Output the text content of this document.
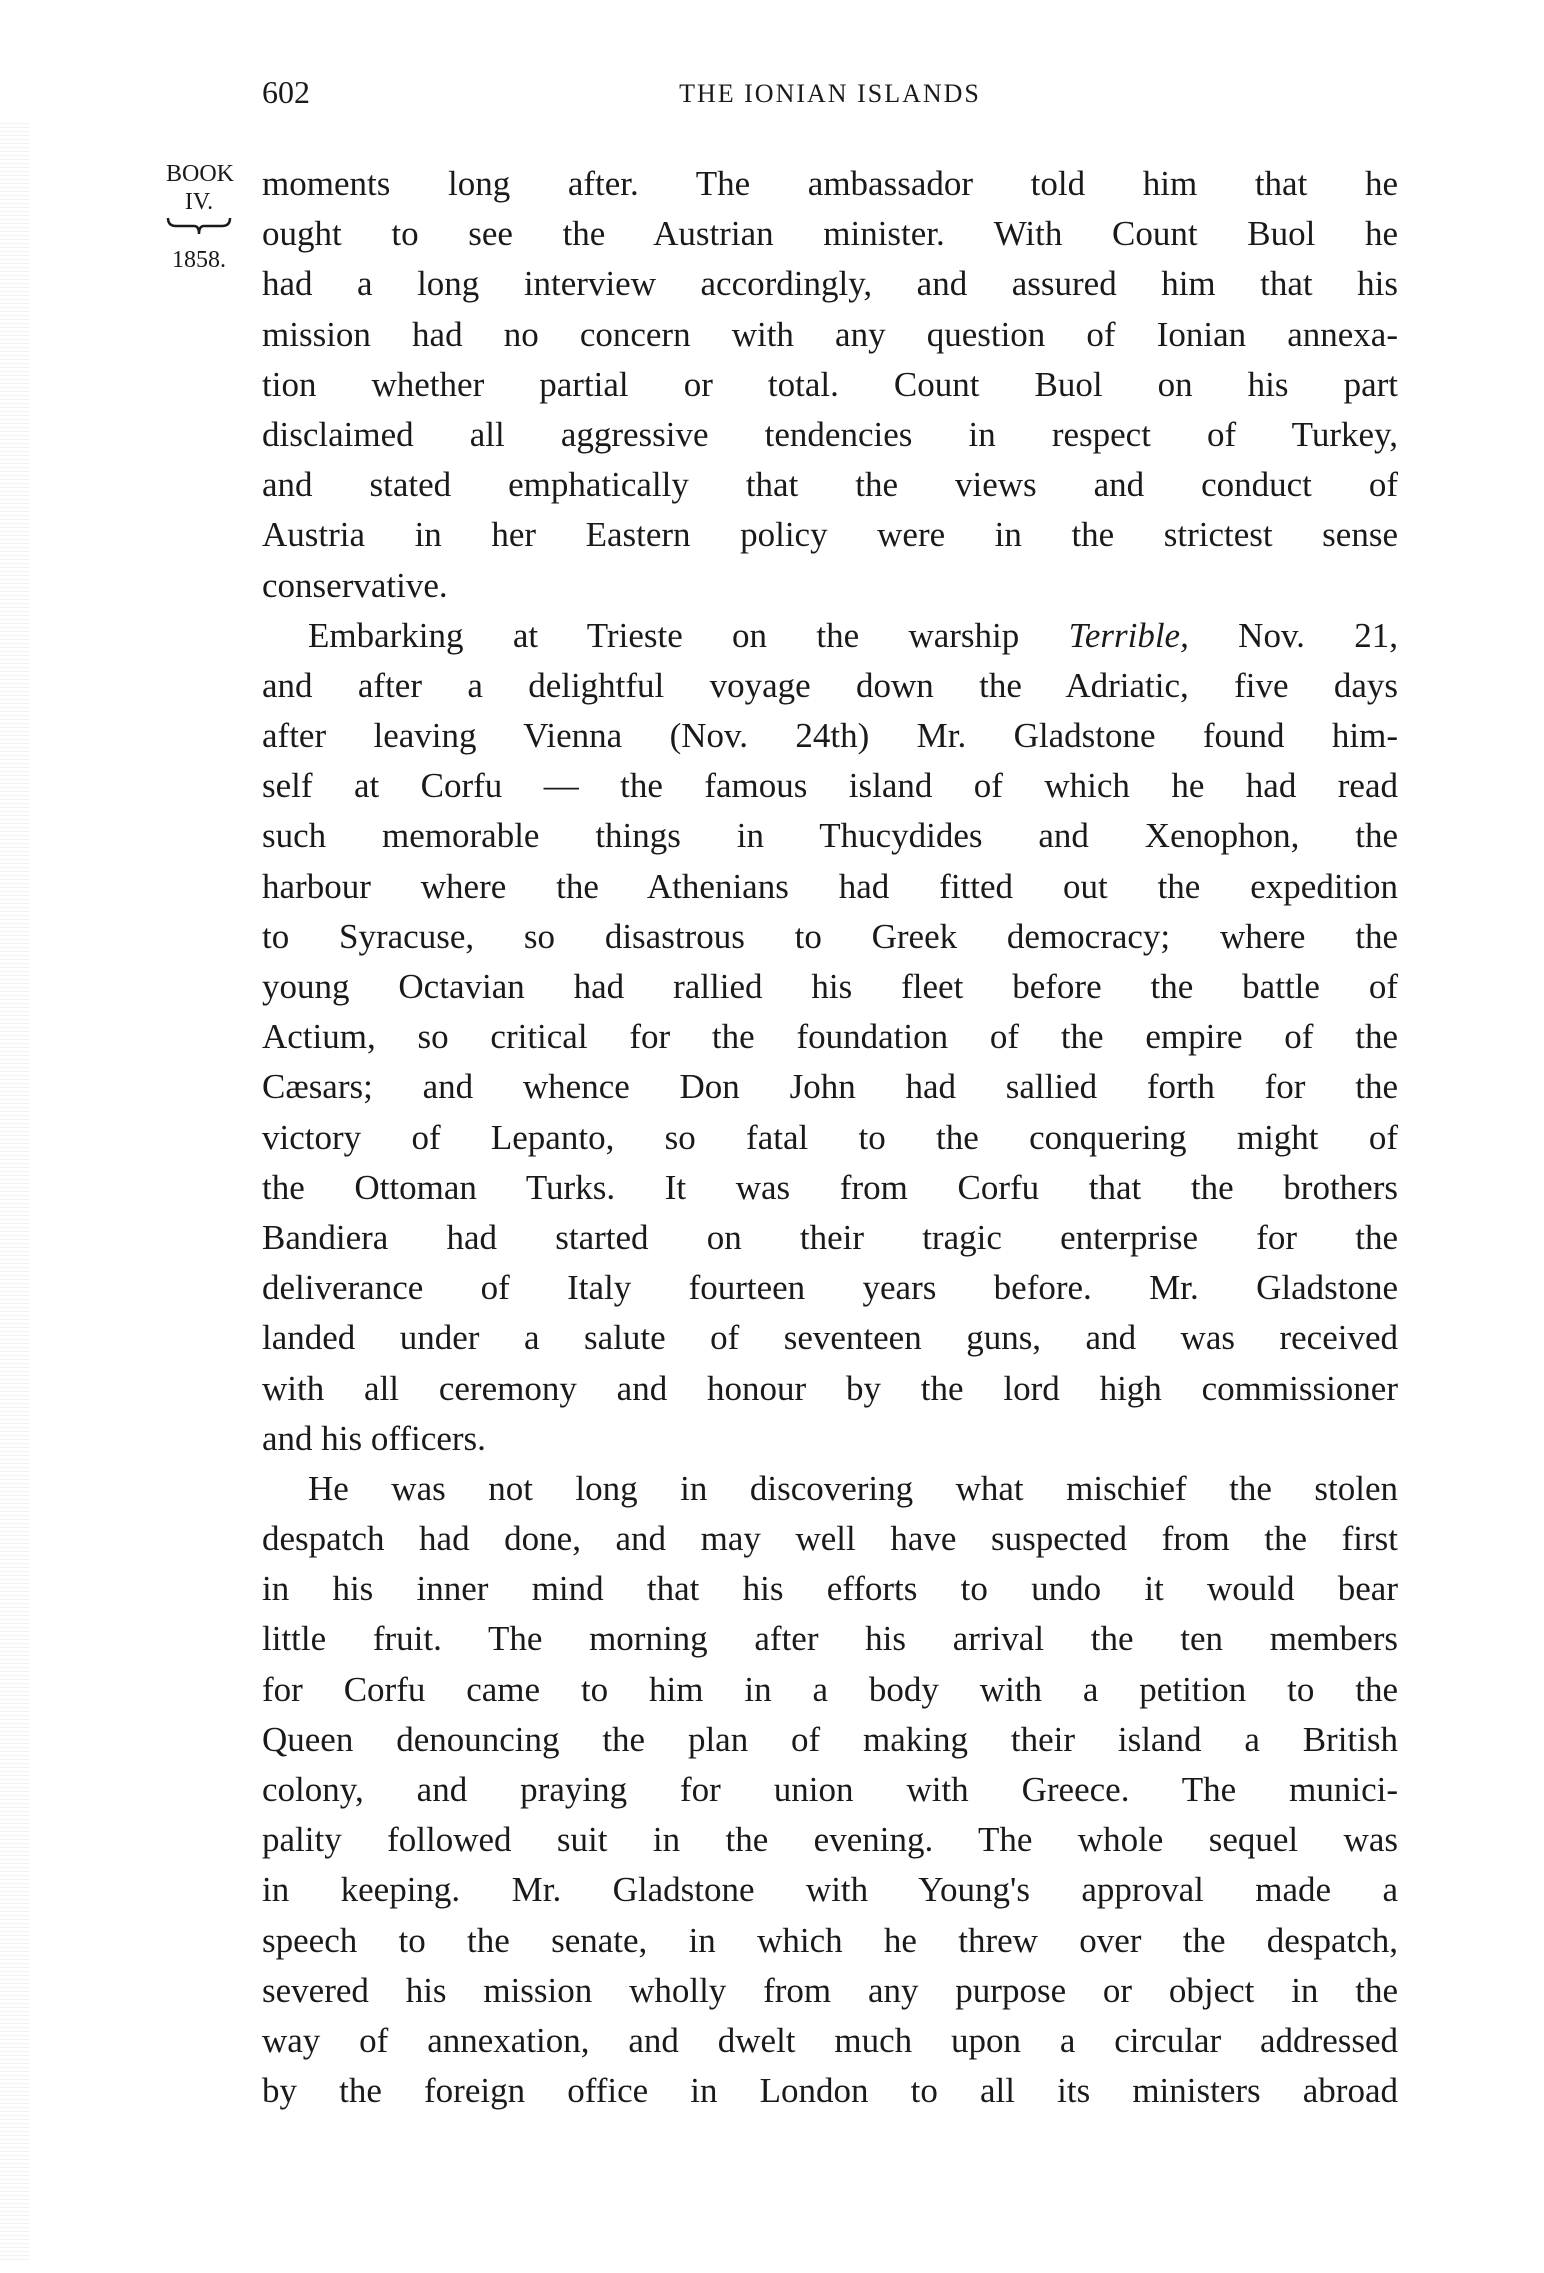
602	THE IONIAN ISLANDS
BOOK
IV.
1858.
moments long after. The ambassador told him that he
ought to see the Austrian minister. With Count Buol he
had a long interview accordingly, and assured him that his
mission had no concern with any question of Ionian annexa-
tion whether partial or total. Count Buol on his part
disclaimed all aggressive tendencies in respect of Turkey,
and stated emphatically that the views and conduct of
Austria in her Eastern policy were in the strictest sense
conservative.
Embarking at Trieste on the warship Terrible, Nov. 21,
and after a delightful voyage down the Adriatic, five days
after leaving Vienna (Nov. 24th) Mr. Gladstone found him-
self at Corfu — the famous island of which he had read
such memorable things in Thucydides and Xenophon, the
harbour where the Athenians had fitted out the expedition
to Syracuse, so disastrous to Greek democracy; where the
young Octavian had rallied his fleet before the battle of
Actium, so critical for the foundation of the empire of the
Cæsars; and whence Don John had sallied forth for the
victory of Lepanto, so fatal to the conquering might of
the Ottoman Turks. It was from Corfu that the brothers
Bandiera had started on their tragic enterprise for the
deliverance of Italy fourteen years before. Mr. Gladstone
landed under a salute of seventeen guns, and was received
with all ceremony and honour by the lord high commissioner
and his officers.
He was not long in discovering what mischief the stolen
despatch had done, and may well have suspected from the first
in his inner mind that his efforts to undo it would bear
little fruit. The morning after his arrival the ten members
for Corfu came to him in a body with a petition to the
Queen denouncing the plan of making their island a British
colony, and praying for union with Greece. The munici-
pality followed suit in the evening. The whole sequel was
in keeping. Mr. Gladstone with Young's approval made a
speech to the senate, in which he threw over the despatch,
severed his mission wholly from any purpose or object in the
way of annexation, and dwelt much upon a circular addressed
by the foreign office in London to all its ministers abroad
